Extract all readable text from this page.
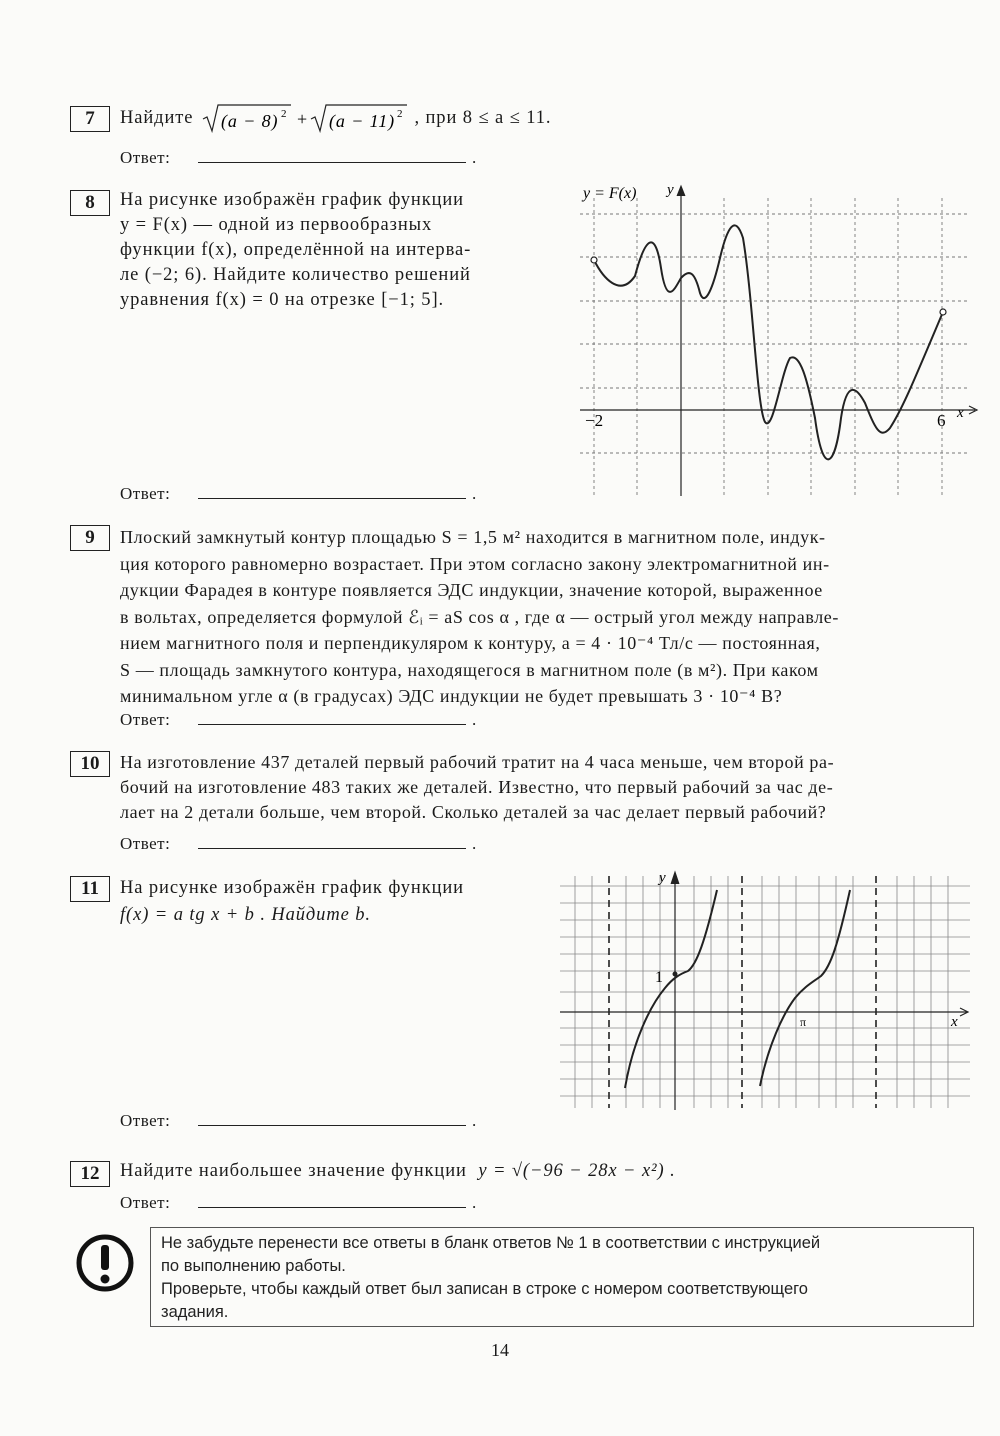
7	Найдите (a − 8) 2 + (a − 11) 2 , при 8 ≤ a ≤ 11.
Ответ:	.
8	На рисунке изображён график функции
y = F(x) — одной из первообразных
функции f(x), определённой на интерва-
ле (−2; 6). Найдите количество решений
уравнения f(x) = 0 на отрезке [−1; 5].
y = F(x) y
x
−2	6
Ответ:	.
9	Плоский замкнутый контур площадью S = 1,5 м² находится в магнитном поле, индук-
ция которого равномерно возрастает. При этом согласно закону электромагнитной ин-
дукции Фарадея в контуре появляется ЭДС индукции, значение которой, выраженное
в вольтах, определяется формулой ℰᵢ = aS cos α , где α — острый угол между направле-
нием магнитного поля и перпендикуляром к контуру, a = 4 · 10⁻⁴ Тл/с — постоянная,
S — площадь замкнутого контура, находящегося в магнитном поле (в м²). При каком
минимальном угле α (в градусах) ЭДС индукции не будет превышать 3 · 10⁻⁴ В?
Ответ:	.
10	На изготовление 437 деталей первый рабочий тратит на 4 часа меньше, чем второй ра-
бочий на изготовление 483 таких же деталей. Известно, что первый рабочий за час де-
лает на 2 детали больше, чем второй. Сколько деталей за час делает первый рабочий?
Ответ:	.
11	На рисунке изображён график функции
f(x) = a tg x + b . Найдите b.
1
y
x
π
Ответ:	.
12	Найдите наибольшее значение функции y = √(−96 − 28x − x²) .
Ответ:	.
Не забудьте перенести все ответы в бланк ответов № 1 в соответствии с инструкцией
по выполнению работы.
Проверьте, чтобы каждый ответ был записан в строке с номером соответствующего
задания.
14
